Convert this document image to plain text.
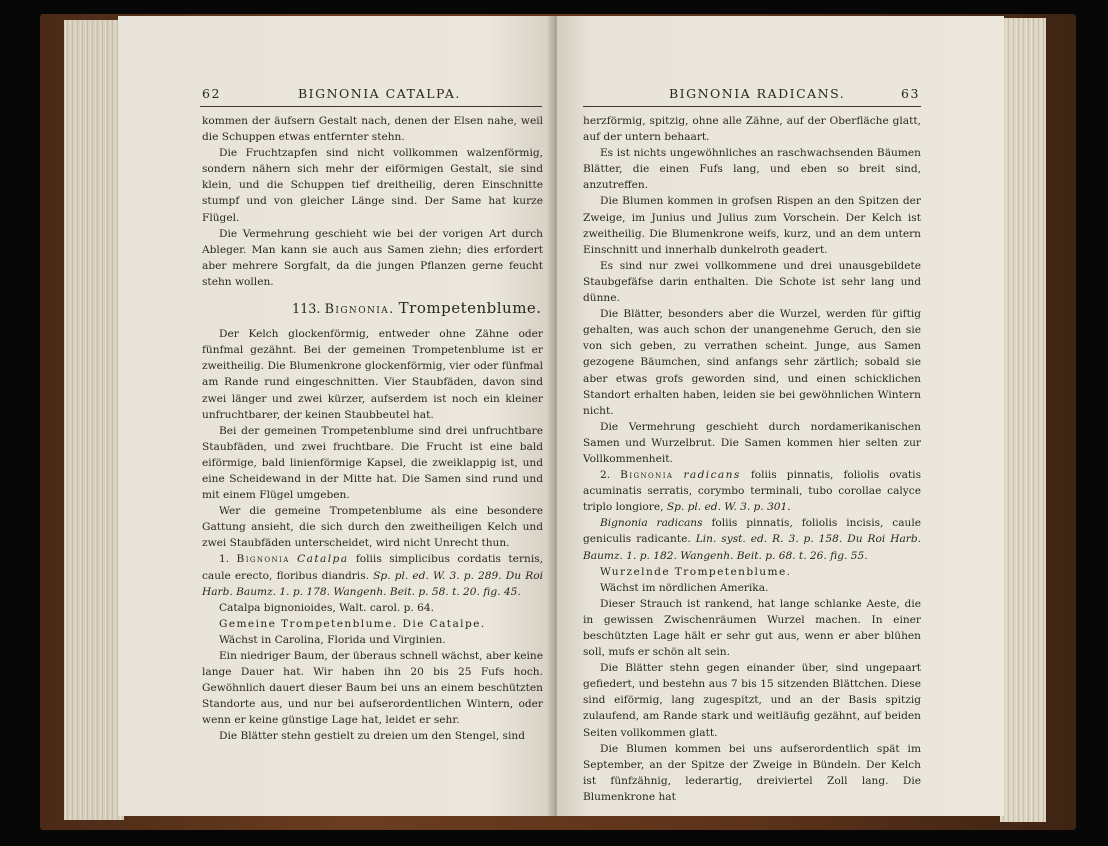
62	BIGNONIA CATALPA.

kommen der äufsern Gestalt nach, denen der Elsen nahe, weil die Schuppen etwas entfernter stehn.

Die Fruchtzapfen sind nicht vollkommen walzenförmig, sondern nähern sich mehr der eiförmigen Gestalt, sie sind klein, und die Schuppen tief dreitheilig, deren Einschnitte stumpf und von gleicher Länge sind. Der Same hat kurze Flügel.

Die Vermehrung geschieht wie bei der vorigen Art durch Ableger. Man kann sie auch aus Samen ziehn; dies erfordert aber mehrere Sorgfalt, da die jungen Pflanzen gerne feucht stehn wollen.

113. Bignonia. Trompetenblume.

Der Kelch glockenförmig, entweder ohne Zähne oder fünfmal gezähnt. Bei der gemeinen Trompetenblume ist er zweitheilig. Die Blumenkrone glockenförmig, vier oder fünfmal am Rande rund eingeschnitten. Vier Staubfäden, davon sind zwei länger und zwei kürzer, aufserdem ist noch ein kleiner unfruchtbarer, der keinen Staubbeutel hat.

Bei der gemeinen Trompetenblume sind drei unfruchtbare Staubfäden, und zwei fruchtbare. Die Frucht ist eine bald eiförmige, bald linienförmige Kapsel, die zweiklappig ist, und eine Scheidewand in der Mitte hat. Die Samen sind rund und mit einem Flügel umgeben.

Wer die gemeine Trompetenblume als eine besondere Gattung ansieht, die sich durch den zweitheiligen Kelch und zwei Staubfäden unterscheidet, wird nicht Unrecht thun.

1. Bignonia Catalpa foliis simplicibus cordatis ternis, caule erecto, floribus diandris. Sp. pl. ed. W. 3. p. 289. Du Roi Harb. Baumz. 1. p. 178. Wangenh. Beit. p. 58. t. 20. fig. 45.

Catalpa bignonioides, Walt. carol. p. 64.

Gemeine Trompetenblume. Die Catalpe.

Wächst in Carolina, Florida und Virginien.

Ein niedriger Baum, der überaus schnell wächst, aber keine lange Dauer hat. Wir haben ihn 20 bis 25 Fufs hoch. Gewöhnlich dauert dieser Baum bei uns an einem beschützten Standorte aus, und nur bei aufserordentlichen Wintern, oder wenn er keine günstige Lage hat, leidet er sehr.

Die Blätter stehn gestielt zu dreien um den Stengel, sind

BIGNONIA RADICANS.	63

herzförmig, spitzig, ohne alle Zähne, auf der Oberfläche glatt, auf der untern behaart.

Es ist nichts ungewöhnliches an raschwachsenden Bäumen Blätter, die einen Fufs lang, und eben so breit sind, anzutreffen.

Die Blumen kommen in grofsen Rispen an den Spitzen der Zweige, im Junius und Julius zum Vorschein. Der Kelch ist zweitheilig. Die Blumenkrone weifs, kurz, und an dem untern Einschnitt und innerhalb dunkelroth geadert.

Es sind nur zwei vollkommene und drei unausgebildete Staubgefäfse darin enthalten. Die Schote ist sehr lang und dünne.

Die Blätter, besonders aber die Wurzel, werden für giftig gehalten, was auch schon der unangenehme Geruch, den sie von sich geben, zu verrathen scheint. Junge, aus Samen gezogene Bäumchen, sind anfangs sehr zärtlich; sobald sie aber etwas grofs geworden sind, und einen schicklichen Standort erhalten haben, leiden sie bei gewöhnlichen Wintern nicht.

Die Vermehrung geschieht durch nordamerikanischen Samen und Wurzelbrut. Die Samen kommen hier selten zur Vollkommenheit.

2. Bignonia radicans foliis pinnatis, foliolis ovatis acuminatis serratis, corymbo terminali, tubo corollae calyce triplo longiore, Sp. pl. ed. W. 3. p. 301.

Bignonia radicans foliis pinnatis, foliolis incisis, caule geniculis radicante. Lin. syst. ed. R. 3. p. 158. Du Roi Harb. Baumz. 1. p. 182. Wangenh. Beit. p. 68. t. 26. fig. 55.

Wurzelnde Trompetenblume.

Wächst im nördlichen Amerika.

Dieser Strauch ist rankend, hat lange schlanke Aeste, die in gewissen Zwischenräumen Wurzel machen. In einer beschützten Lage hält er sehr gut aus, wenn er aber blühen soll, mufs er schön alt sein.

Die Blätter stehn gegen einander über, sind ungepaart gefiedert, und bestehn aus 7 bis 15 sitzenden Blättchen. Diese sind eiförmig, lang zugespitzt, und an der Basis spitzig zulaufend, am Rande stark und weitläufig gezähnt, auf beiden Seiten vollkommen glatt.

Die Blumen kommen bei uns aufserordentlich spät im September, an der Spitze der Zweige in Bündeln. Der Kelch ist fünfzähnig, lederartig, dreiviertel Zoll lang. Die Blumenkrone hat
